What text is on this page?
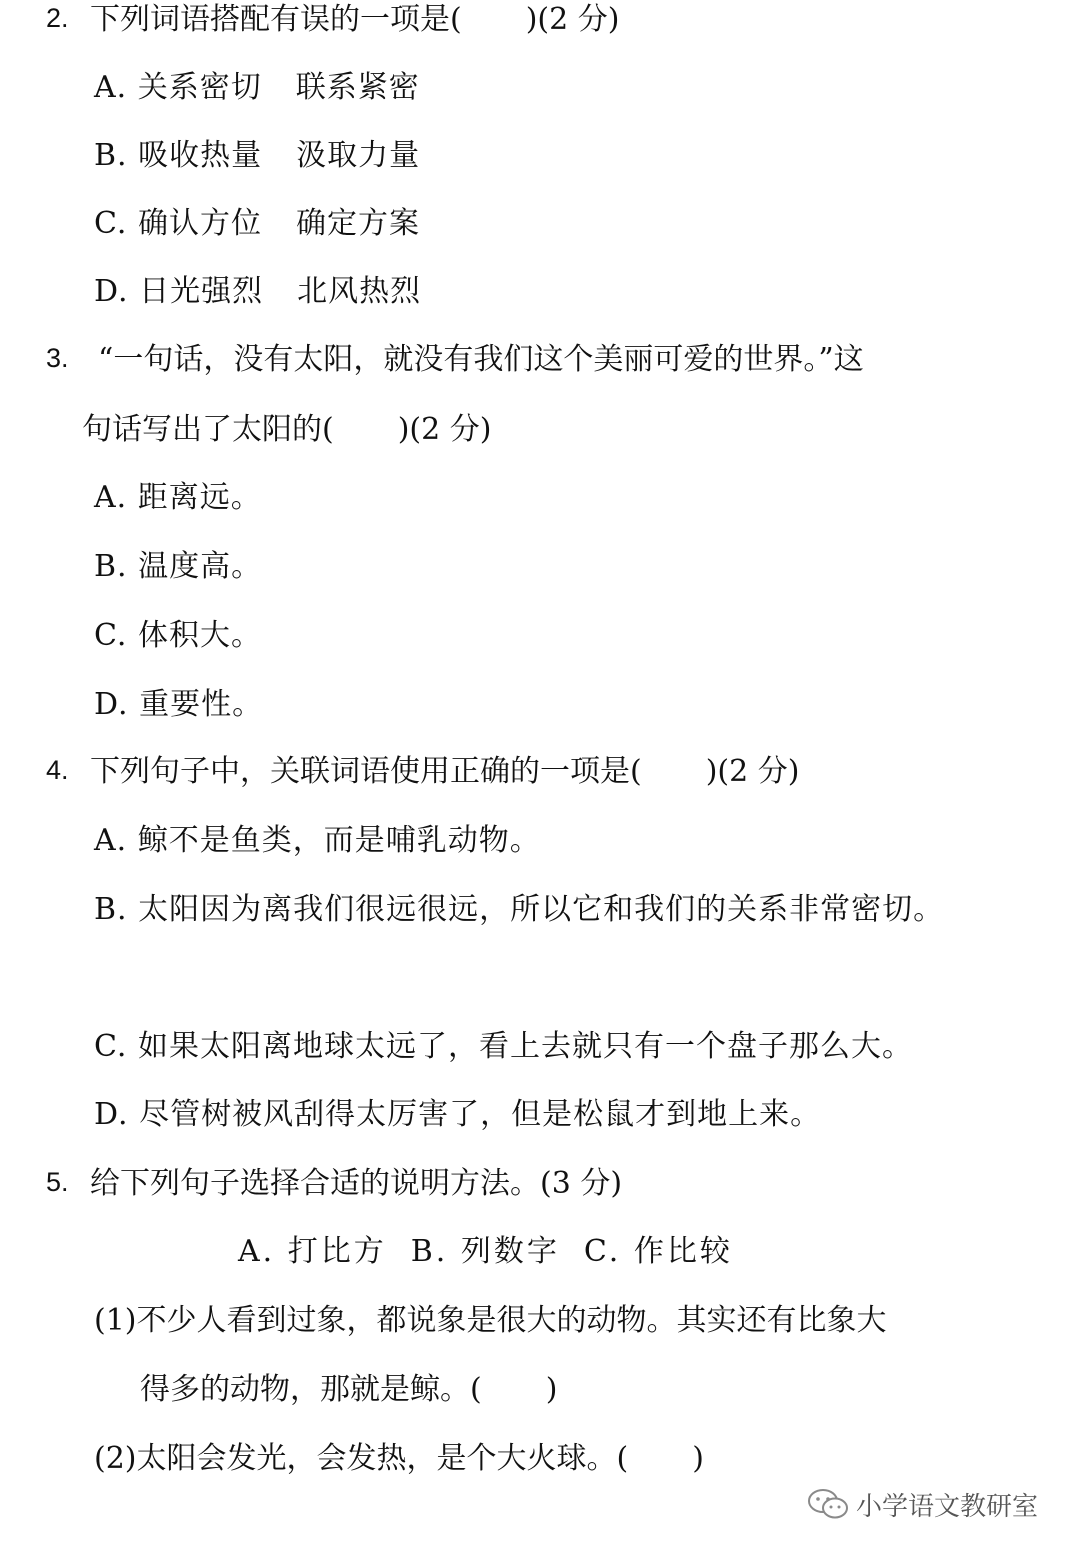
2. 下列词语搭配有误的一项是( )(2 分)
A. 关系密切 联系紧密
B. 吸收热量 汲取力量
C. 确认方位 确定方案
D. 日光强烈 北风热烈
3. “一句话，没有太阳，就没有我们这个美丽可爱的世界。”这
句话写出了太阳的( )(2 分)
A. 距离远。
B. 温度高。
C. 体积大。
D. 重要性。
4. 下列句子中，关联词语使用正确的一项是( )(2 分)
A. 鲸不是鱼类，而是哺乳动物。
B. 太阳因为离我们很远很远，所以它和我们的关系非常密切。
C. 如果太阳离地球太远了，看上去就只有一个盘子那么大。
D. 尽管树被风刮得太厉害了，但是松鼠才到地上来。
5. 给下列句子选择合适的说明方法。(3 分)
A. 打比方 B. 列数字 C. 作比较
(1)不少人看到过象，都说象是很大的动物。其实还有比象大
得多的动物，那就是鲸。( )
(2)太阳会发光，会发热，是个大火球。( )
小学语文教研室
